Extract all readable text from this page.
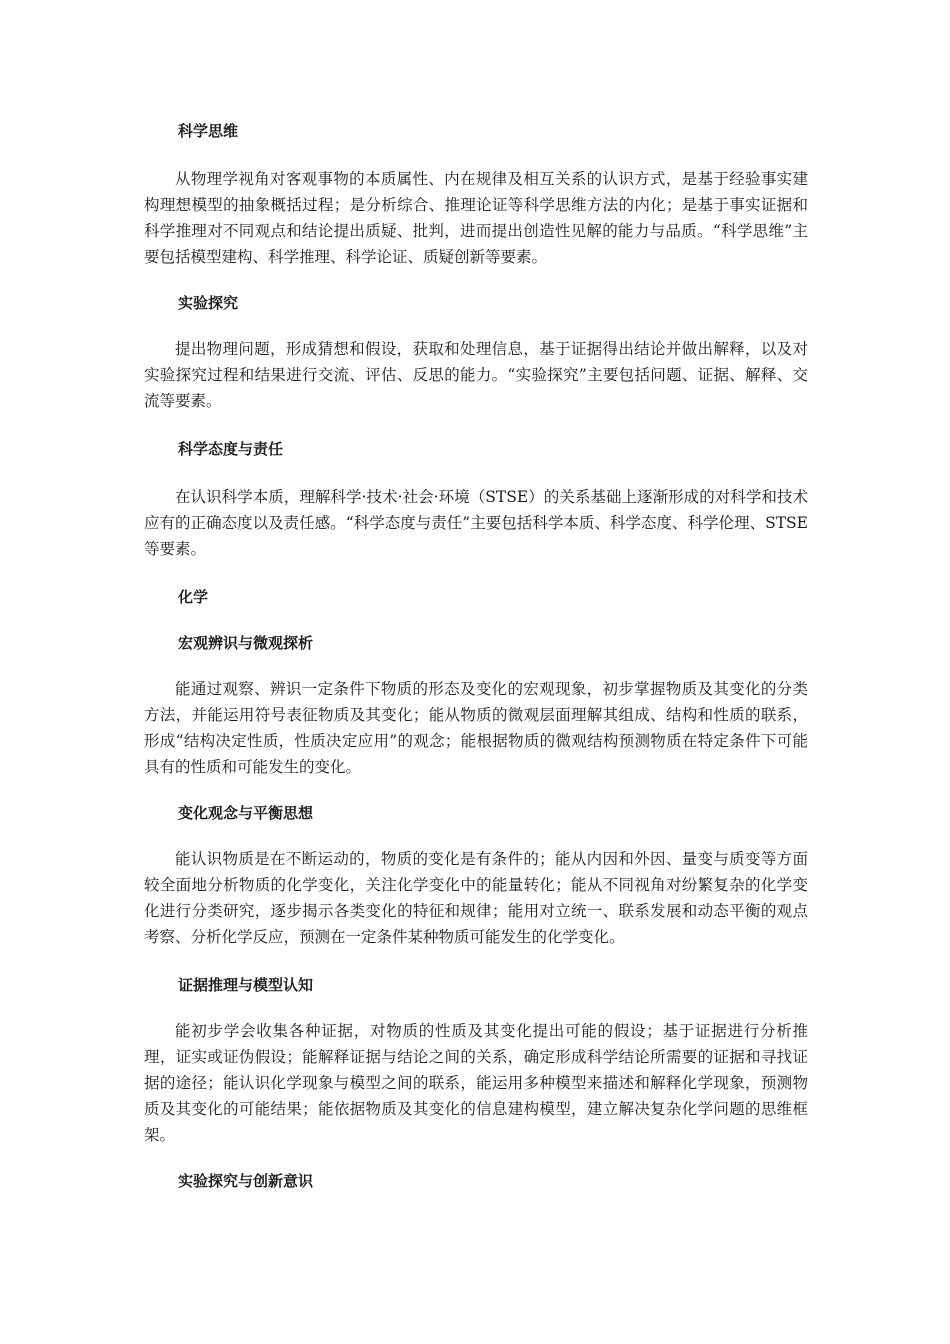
科学思维

从物理学视角对客观事物的本质属性、内在规律及相互关系的认识方式，是基于经验事实建构理想模型的抽象概括过程；是分析综合、推理论证等科学思维方法的内化；是基于事实证据和科学推理对不同观点和结论提出质疑、批判，进而提出创造性见解的能力与品质。“科学思维”主要包括模型建构、科学推理、科学论证、质疑创新等要素。

实验探究

提出物理问题，形成猜想和假设，获取和处理信息，基于证据得出结论并做出解释，以及对实验探究过程和结果进行交流、评估、反思的能力。“实验探究”主要包括问题、证据、解释、交流等要素。

科学态度与责任

在认识科学本质，理解科学·技术·社会·环境（STSE）的关系基础上逐渐形成的对科学和技术应有的正确态度以及责任感。“科学态度与责任”主要包括科学本质、科学态度、科学伦理、STSE等要素。

化学

宏观辨识与微观探析

能通过观察、辨识一定条件下物质的形态及变化的宏观现象，初步掌握物质及其变化的分类方法，并能运用符号表征物质及其变化；能从物质的微观层面理解其组成、结构和性质的联系，形成“结构决定性质，性质决定应用”的观念；能根据物质的微观结构预测物质在特定条件下可能具有的性质和可能发生的变化。

变化观念与平衡思想

能认识物质是在不断运动的，物质的变化是有条件的；能从内因和外因、量变与质变等方面较全面地分析物质的化学变化，关注化学变化中的能量转化；能从不同视角对纷繁复杂的化学变化进行分类研究，逐步揭示各类变化的特征和规律；能用对立统一、联系发展和动态平衡的观点考察、分析化学反应，预测在一定条件某种物质可能发生的化学变化。

证据推理与模型认知

能初步学会收集各种证据，对物质的性质及其变化提出可能的假设；基于证据进行分析推理，证实或证伪假设；能解释证据与结论之间的关系，确定形成科学结论所需要的证据和寻找证据的途径；能认识化学现象与模型之间的联系，能运用多种模型来描述和解释化学现象，预测物质及其变化的可能结果；能依据物质及其变化的信息建构模型，建立解决复杂化学问题的思维框架。

实验探究与创新意识
